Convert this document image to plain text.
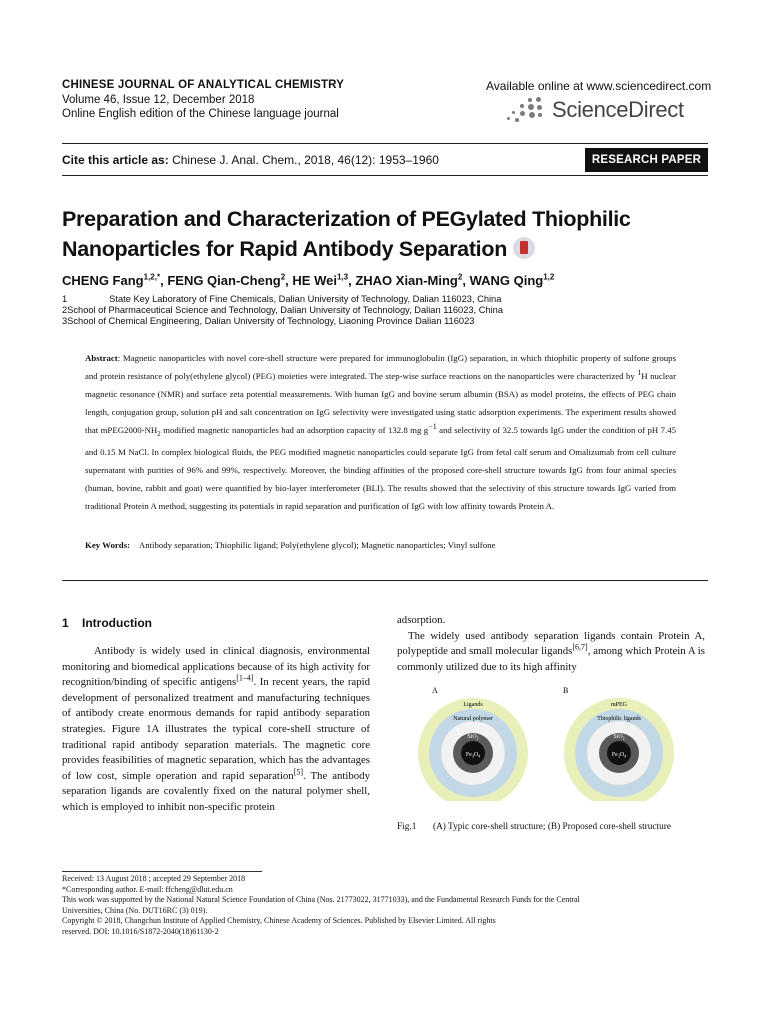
CHINESE JOURNAL OF ANALYTICAL CHEMISTRY
Volume 46, Issue 12, December 2018
Online English edition of the Chinese language journal
Available online at www.sciencedirect.com
ScienceDirect
Cite this article as: Chinese J. Anal. Chem., 2018, 46(12): 1953–1960	RESEARCH PAPER
Preparation and Characterization of PEGylated Thiophilic Nanoparticles for Rapid Antibody Separation
CHENG Fang$^{1,2,*}$, FENG Qian-Cheng$^2$, HE Wei$^{1,3}$, ZHAO Xian-Ming$^2$, WANG Qing$^{1,2}$
1	State Key Laboratory of Fine Chemicals, Dalian University of Technology, Dalian 116023, China
2School of Pharmaceutical Science and Technology, Dalian University of Technology, Dalian 116023, China
3School of Chemical Engineering, Dalian University of Technology, Liaoning Province Dalian 116023
Abstract: Magnetic nanoparticles with novel core-shell structure were prepared for immunoglobulin (IgG) separation, in which thiophilic property of sulfone groups and protein resistance of poly(ethylene glycol) (PEG) moieties were integrated. The step-wise surface reactions on the nanoparticles were characterized by $^1$H nuclear magnetic resonance (NMR) and surface zeta potential measurements. With human IgG and bovine serum albumin (BSA) as model proteins, the effects of PEG chain length, conjugation group, solution pH and salt concentration on IgG selectivity were investigated using static adsorption experiments. The experiment results showed that $mPEG2000-NH_2$ modified magnetic nanoparticles had an adsorption capacity of 132.8 mg $g^{-1}$ and selectivity of 32.5 towards IgG under the condition of pH 7.45 and 0.15 M NaCl. In complex biological fluids, the PEG modified magnetic nanoparticles could separate IgG from fetal calf serum and Omalizumab from cell culture supernatant with purities of 96% and 99%, respectively. Moreover, the binding affinities of the proposed core-shell structure towards IgG from four animal species (human, bovine, rabbit and goat) were quantified by bio-layer interferometer (BLI). The results showed that the selectivity of this structure towards IgG varied from traditional Protein A method, suggesting its potentials in rapid separation and purification of IgG with low affinity towards Protein A.
Key Words: Antibody separation; Thiophilic ligand; Poly(ethylene glycol); Magnetic nanoparticles; Vinyl sulfone
1    Introduction

Antibody is widely used in clinical diagnosis, environmental monitoring and biomedical applications because of its high activity for recognition/binding of specific antigens[1–4]. In recent years, the rapid development of personalized treatment and manufacturing techniques of antibody create enormous demands for rapid antibody separation strategies. Figure 1A illustrates the typical core-shell structure of traditional rapid antibody separation materials. The magnetic core provides feasibilities of magnetic separation, which has the advantages of low cost, simple operation and rapid separation[5]. The antibody separation ligands are covalently fixed on the natural polymer shell, which is employed to inhibit non-specific protein

adsorption.

The widely used antibody separation ligands contain Protein A, polypeptide and small molecular ligands[6,7], among which Protein A is commonly utilized due to its high affinity

A
Ligands
Natural polymer
SiO$_2$
$Fe_3O_4$
B
mPEG
Thiophilic ligands
SiO$_2$
$Fe_3O_4$
Fig.1	(A) Typic core-shell structure; (B) Proposed core-shell structure
Received: 13 August 2018 ; accepted 29 September 2018
*Corresponding author. E-mail: ffcheng@dlut.edu.cn
This work was supported by the National Natural Science Foundation of China (Nos. 21773022, 31771033), and the Fundamental Research Funds for the Central
Universities, China (No. DUT16RC (3) 019).
Copyright © 2018, Changchun Institute of Applied Chemistry, Chinese Academy of Sciences. Published by Elsevier Limited. All rights
reserved. DOI: 10.1016/S1872-2040(18)61130-2
